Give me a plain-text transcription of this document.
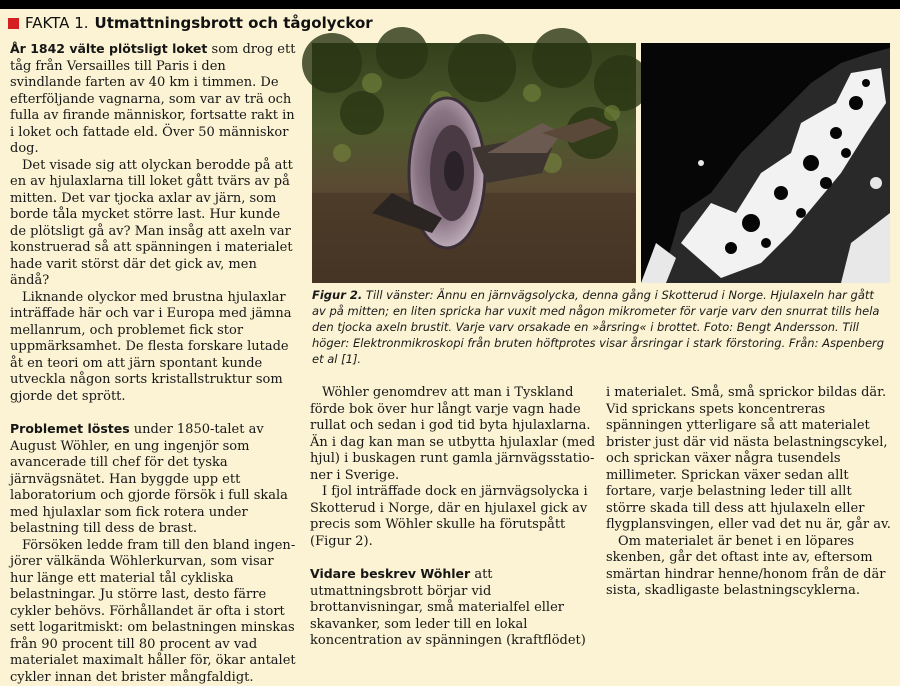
FAKTA 1. Utmattningsbrott och tågolyckor

År 1842 välte plötsligt loket som drog ett tåg från Versailles till Paris i den svindlande farten av 40 km i timmen. De efterföljande vagnarna, som var av trä och fulla av firande människor, fortsatte rakt in i loket och fattade eld. Över 50 människor dog.

Det visade sig att olyckan berodde på att en av hjulaxlarna till loket gått tvärs av på mitten. Det var tjocka axlar av järn, som borde tåla mycket större last. Hur kunde de plötsligt gå av? Man insåg att axeln var konstruerad så att spänningen i materialet hade varit störst där det gick av, men ändå?

Liknande olyckor med brustna hjulaxlar inträffade här och var i Europa med jämna mellanrum, och problemet fick stor uppmärksamhet. De flesta forskare lutade åt en teori om att järn spontant kunde utveckla någon sorts kristallstruktur som gjorde det sprött.

Problemet löstes under 1850-talet av August Wöhler, en ung ingenjör som avancerade till chef för det tyska järnvägsnätet. Han byggde upp ett laboratorium och gjorde försök i full skala med hjulaxlar som fick rotera under belastning till dess de brast.

Försöken ledde fram till den bland ingenjörer välkända Wöhlerkurvan, som visar hur länge ett material tål cykliska belastningar. Ju större last, desto färre cykler behövs. Förhållandet är ofta i stort sett logaritmiskt: om belastningen minskas från 90 procent till 80 procent av vad materialet maximalt håller för, ökar antalet cykler innan det brister mångfaldigt.

Wöhler genomdrev att man i Tyskland förde bok över hur långt varje vagn hade rullat och sedan i god tid byta hjulaxlarna. Än i dag kan man se utbytta hjulaxlar (med hjul) i buskagen runt gamla järnvägsstationer i Sverige.

I fjol inträffade dock en järnvägsolycka i Skotterud i Norge, där en hjulaxel gick av precis som Wöhler skulle ha förutspått (Figur 2).

Vidare beskrev Wöhler att utmattningsbrott börjar vid brottanvisningar, små materialfel eller skavanker, som leder till en lokal koncentration av spänningen (kraftflödet)

i materialet. Små, små sprickor bildas där. Vid sprickans spets koncentreras spänningen ytterligare så att materialet brister just där vid nästa belastningscykel, och sprickan växer några tusendels millimeter. Sprickan växer sedan allt fortare, varje belastning leder till allt större skada till dess att hjulaxeln eller flygplansvingen, eller vad det nu är, går av.

Om materialet är benet i en löpares skenben, går det oftast inte av, eftersom smärtan hindrar henne/honom från de där sista, skadligaste belastningscyklerna.

Figur 2. Till vänster: Ännu en järnvägsolycka, denna gång i Skotterud i Norge. Hjulaxeln har gått av på mitten; en liten spricka har vuxit med någon mikrometer för varje varv den snurrat tills hela den tjocka axeln brustit. Varje varv orsakade en »årsring« i brottet. Foto: Bengt Andersson. Till höger: Elektronmikroskopi från bruten höftprotes visar årsringar i stark förstoring. Från: Aspenberg et al [1].
